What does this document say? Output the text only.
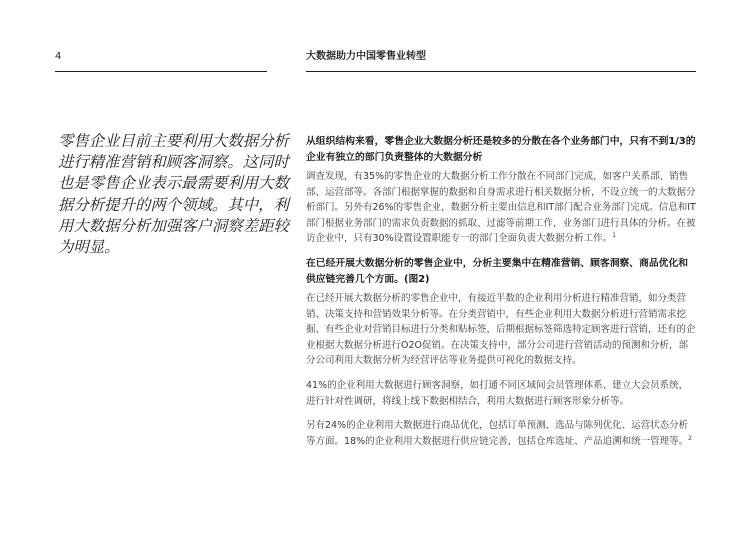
4	大数据助力中国零售业转型
零售企业目前主要利用大数据分析进行精准营销和顾客洞察。这同时也是零售企业表示最需要利用大数据分析提升的两个领域。其中，利用大数据分析加强客户洞察差距较为明显。
从组织结构来看，零售企业大数据分析还是较多的分散在各个业务部门中，只有不到1/3的企业有独立的部门负责整体的大数据分析

调查发现，有35%的零售企业的大数据分析工作分散在不同部门完成，如客户关系部、销售部、运营部等。各部门根据掌握的数据和自身需求进行相关数据分析，不设立统一的大数据分析部门。另外有26%的零售企业，数据分析主要由信息和IT部门配合业务部门完成。信息和IT部门根据业务部门的需求负责数据的抓取、过滤等前期工作，业务部门进行具体的分析。在被访企业中，只有30%设置设置职能专一的部门全面负责大数据分析工作。$^1$

在已经开展大数据分析的零售企业中，分析主要集中在精准营销、顾客洞察、商品优化和供应链完善几个方面。(图2)

在已经开展大数据分析的零售企业中，有接近半数的企业利用分析进行精准营销，如分类营销、决策支持和营销效果分析等。在分类营销中，有些企业利用大数据分析进行营销需求挖掘、有些企业对营销目标进行分类和贴标签，后期根据标签筛选特定顾客进行营销，还有的企业根据大数据分析进行O2O促销。在决策支持中，部分公司进行营销活动的预测和分析，部分公司利用大数据分析为经营评估等业务提供可视化的数据支持。

41%的企业利用大数据进行顾客洞察，如打通不同区域间会员管理体系、建立大会员系统，进行针对性调研，将线上线下数据相结合，利用大数据进行顾客形象分析等。

另有24%的企业利用大数据进行商品优化，包括订单预测、选品与陈列优化、运营状态分析等方面。18%的企业利用大数据进行供应链完善，包括仓库选址、产品追溯和统一管理等。$^2$
